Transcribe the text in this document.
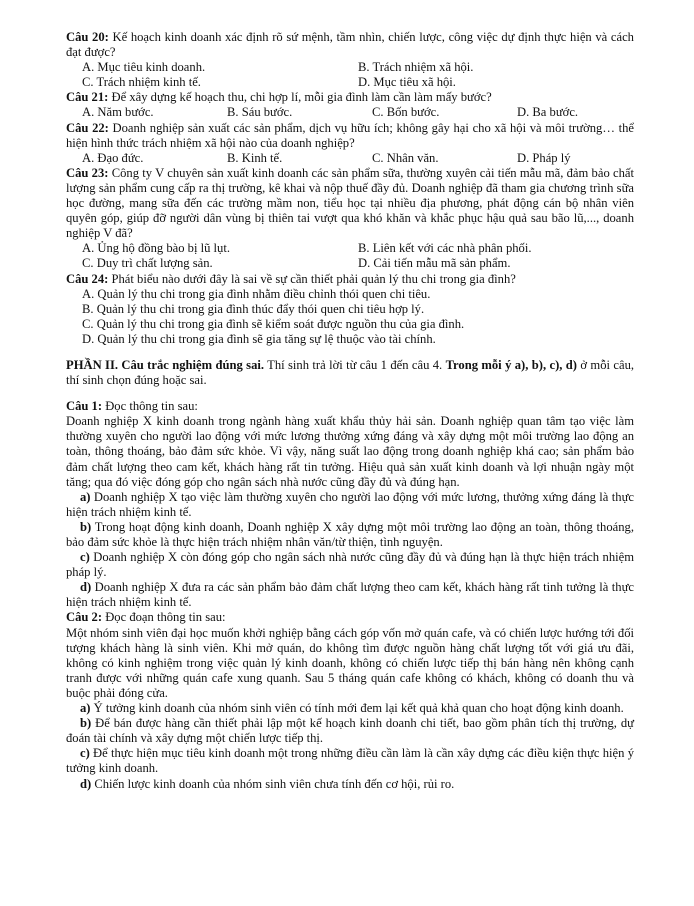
Câu 20: Kế hoạch kinh doanh xác định rõ sứ mệnh, tầm nhìn, chiến lược, công việc dự định thực hiện và cách đạt được?

A. Mục tiêu kinh doanh.	B. Trách nhiệm xã hội.
C. Trách nhiệm kinh tế.	D. Mục tiêu xã hội.

Câu 21: Để xây dựng kế hoạch thu, chi hợp lí, mỗi gia đình làm cần làm mấy bước?

A. Năm bước.	B. Sáu bước.	C. Bốn bước.	D. Ba bước.

Câu 22: Doanh nghiệp sản xuất các sản phẩm, dịch vụ hữu ích; không gây hại cho xã hội và môi trường… thể hiện hình thức trách nhiệm xã hội nào của doanh nghiệp?

A. Đạo đức.	B. Kinh tế.	C. Nhân văn.	D. Pháp lý

Câu 23: Công ty V chuyên sản xuất kinh doanh các sản phẩm sữa, thường xuyên cải tiến mẫu mã, đảm bảo chất lượng sản phẩm cung cấp ra thị trường, kê khai và nộp thuế đầy đủ. Doanh nghiệp đã tham gia chương trình sữa học đường, mang sữa đến các trường mầm non, tiểu học tại nhiều địa phương, phát động cán bộ nhân viên quyên góp, giúp đỡ người dân vùng bị thiên tai vượt qua khó khăn và khắc phục hậu quả sau bão lũ,..., doanh nghiệp V đã?

A. Ủng hộ đồng bào bị lũ lụt.	B. Liên kết với các nhà phân phối.
C. Duy trì chất lượng sản.	D. Cải tiến mẫu mã sản phẩm.

Câu 24: Phát biểu nào dưới đây là sai về sự cần thiết phải quản lý thu chi trong gia đình?

A. Quản lý thu chi trong gia đình nhằm điều chỉnh thói quen chi tiêu.
B. Quản lý thu chi trong gia đình thúc đẩy thói quen chi tiêu hợp lý.
C. Quản lý thu chi trong gia đình sẽ kiểm soát được nguồn thu của gia đình.
D. Quản lý thu chi trong gia đình sẽ gia tăng sự lệ thuộc vào tài chính.

PHẦN II. Câu trắc nghiệm đúng sai. Thí sinh trả lời từ câu 1 đến câu 4. Trong mỗi ý a), b), c), d) ở mỗi câu, thí sinh chọn đúng hoặc sai.

Câu 1: Đọc thông tin sau:

Doanh nghiệp X kinh doanh trong ngành hàng xuất khẩu thủy hải sản. Doanh nghiệp quan tâm tạo việc làm thường xuyên cho người lao động với mức lương thưởng xứng đáng và xây dựng một môi trường lao động an toàn, thông thoáng, bảo đảm sức khỏe. Vì vậy, năng suất lao động trong doanh nghiệp khá cao; sản phẩm bảo đảm chất lượng theo cam kết, khách hàng rất tin tưởng. Hiệu quả sản xuất kinh doanh và lợi nhuận ngày một tăng; qua đó việc đóng góp cho ngân sách nhà nước cũng đầy đủ và đúng hạn.

a) Doanh nghiệp X tạo việc làm thường xuyên cho người lao động với mức lương, thưởng xứng đáng là thực hiện trách nhiệm kinh tế.

b) Trong hoạt động kinh doanh, Doanh nghiệp X xây dựng một môi trường lao động an toàn, thông thoáng, bảo đảm sức khỏe là thực hiện trách nhiệm nhân văn/từ thiện, tình nguyện.

c) Doanh nghiệp X còn đóng góp cho ngân sách nhà nước cũng đầy đủ và đúng hạn là thực hiện trách nhiệm pháp lý.

d) Doanh nghiệp X đưa ra các sản phẩm bảo đảm chất lượng theo cam kết, khách hàng rất tinh tưởng là thực hiện trách nhiệm kinh tế.

Câu 2: Đọc đoạn thông tin sau:

Một nhóm sinh viên đại học muốn khởi nghiệp bằng cách góp vốn mở quán cafe, và có chiến lược hướng tới đối tượng khách hàng là sinh viên. Khi mở quán, do không tìm được nguồn hàng chất lượng tốt với giá ưu đãi, không có kinh nghiệm trong việc quản lý kinh doanh, không có chiến lược tiếp thị bán hàng nên không cạnh tranh được với những quán cafe xung quanh. Sau 5 tháng quán cafe không có khách, không có doanh thu và buộc phải đóng cửa.

a) Ý tưởng kinh doanh của nhóm sinh viên có tính mới đem lại kết quả khả quan cho hoạt động kinh doanh.

b) Để bán được hàng cần thiết phải lập một kế hoạch kinh doanh chi tiết, bao gồm phân tích thị trường, dự đoán tài chính và xây dựng một chiến lược tiếp thị.

c) Để thực hiện mục tiêu kinh doanh một trong những điều cần làm là cần xây dựng các điều kiện thực hiện ý tưởng kinh doanh.

d) Chiến lược kinh doanh của nhóm sinh viên chưa tính đến cơ hội, rủi ro.
